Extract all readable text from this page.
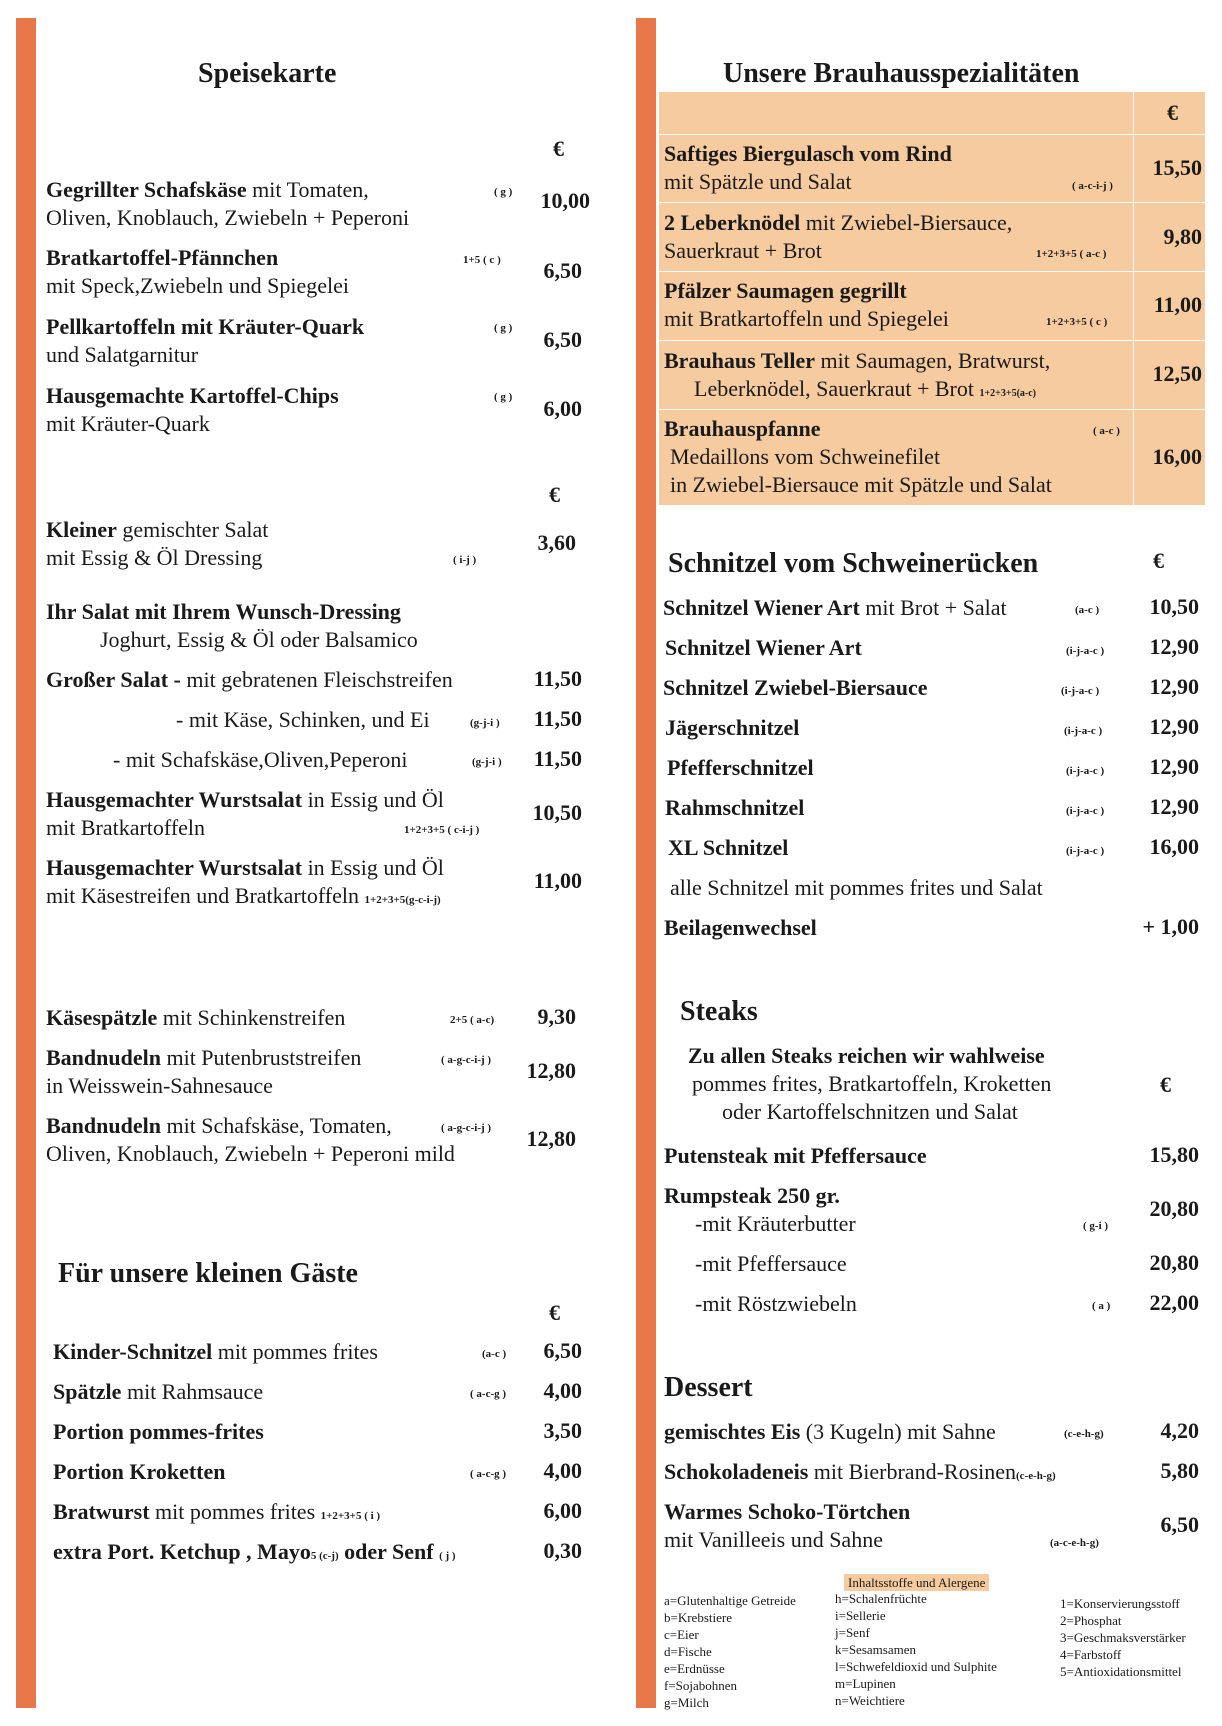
Speisekarte
€
Gegrillter Schafskäse mit Tomaten,
Oliven, Knoblauch, Zwiebeln + Peperoni
( g )	10,00
Bratkartoffel-Pfännchen
mit Speck,Zwiebeln und Spiegelei
1+5 ( c )	6,50
Pellkartoffeln mit Kräuter-Quark
und Salatgarnitur
( g )	6,50
Hausgemachte Kartoffel-Chips
mit Kräuter-Quark
( g )	6,00
€
Kleiner gemischter Salat
mit Essig & Öl Dressing	( i-j )
3,60
Ihr Salat mit Ihrem Wunsch-Dressing
Joghurt, Essig & Öl oder Balsamico
Großer Salat - mit gebratenen Fleischstreifen	11,50
- mit Käse, Schinken, und Ei	(g-j-i )	11,50
- mit Schafskäse,Oliven,Peperoni	(g-j-i )	11,50
Hausgemachter Wurstsalat in Essig und Öl
mit Bratkartoffeln	1+2+3+5 ( c-i-j )
10,50
Hausgemachter Wurstsalat in Essig und Öl
mit Käsestreifen und Bratkartoffeln 1+2+3+5(g-c-i-j)
11,00
Käsespätzle mit Schinkenstreifen	2+5 ( a-c)	9,30
Bandnudeln mit Putenbruststreifen
in Weisswein-Sahnesauce
( a-g-c-i-j )	12,80
Bandnudeln mit Schafskäse, Tomaten,
Oliven, Knoblauch, Zwiebeln + Peperoni mild
( a-g-c-i-j )	12,80
Für unsere kleinen Gäste
€
Kinder-Schnitzel mit pommes frites	(a-c )	6,50
Spätzle mit Rahmsauce	( a-c-g )	4,00
Portion pommes-frites	3,50
Portion Kroketten	( a-c-g )	4,00
Bratwurst mit pommes frites 1+2+3+5 ( i )	6,00
extra Port. Ketchup , Mayo5 (c-j) oder Senf ( j )	0,30
Unsere Brauhausspezialitäten
€
Saftiges Biergulasch vom Rind
mit Spätzle und Salat	( a-c-i-j )
15,50
2 Leberknödel mit Zwiebel-Biersauce,
Sauerkraut + Brot	1+2+3+5 ( a-c )
9,80
Pfälzer Saumagen gegrillt
mit Bratkartoffeln und Spiegelei	1+2+3+5 ( c )
11,00
Brauhaus Teller mit Saumagen, Bratwurst,
Leberknödel, Sauerkraut + Brot 1+2+3+5(a-c)
12,50
Brauhauspfanne
Medaillons vom Schweinefilet
in Zwiebel-Biersauce mit Spätzle und Salat
( a-c )
16,00
Schnitzel vom Schweinerücken	€
Schnitzel Wiener Art mit Brot + Salat	(a-c )	10,50
Schnitzel Wiener Art	(i-j-a-c )	12,90
Schnitzel Zwiebel-Biersauce	(i-j-a-c )	12,90
Jägerschnitzel	(i-j-a-c )	12,90
Pfefferschnitzel	(i-j-a-c )	12,90
Rahmschnitzel	(i-j-a-c )	12,90
XL Schnitzel	(i-j-a-c )	16,00
alle Schnitzel mit pommes frites und Salat
Beilagenwechsel	+ 1,00
Steaks
Zu allen Steaks reichen wir wahlweise
pommes frites, Bratkartoffeln, Kroketten
oder Kartoffelschnitzen und Salat
€
Putensteak mit Pfeffersauce	15,80
Rumpsteak 250 gr.
-mit Kräuterbutter	( g-i )
20,80
-mit Pfeffersauce	20,80
-mit Röstzwiebeln	( a )	22,00
Dessert
gemischtes Eis (3 Kugeln) mit Sahne	(c-e-h-g)	4,20
Schokoladeneis mit Bierbrand-Rosinen(c-e-h-g)	5,80
Warmes Schoko-Törtchen
mit Vanilleeis und Sahne	(a-c-e-h-g)
6,50
Inhaltsstoffe und Alergene
a=Glutenhaltige Getreide
b=Krebstiere
c=Eier
d=Fische
e=Erdnüsse
f=Sojabohnen
g=Milch
h=Schalenfrüchte
i=Sellerie
j=Senf
k=Sesamsamen
l=Schwefeldioxid und Sulphite
m=Lupinen
n=Weichtiere
1=Konservierungsstoff
2=Phosphat
3=Geschmaksverstärker
4=Farbstoff
5=Antioxidationsmittel
